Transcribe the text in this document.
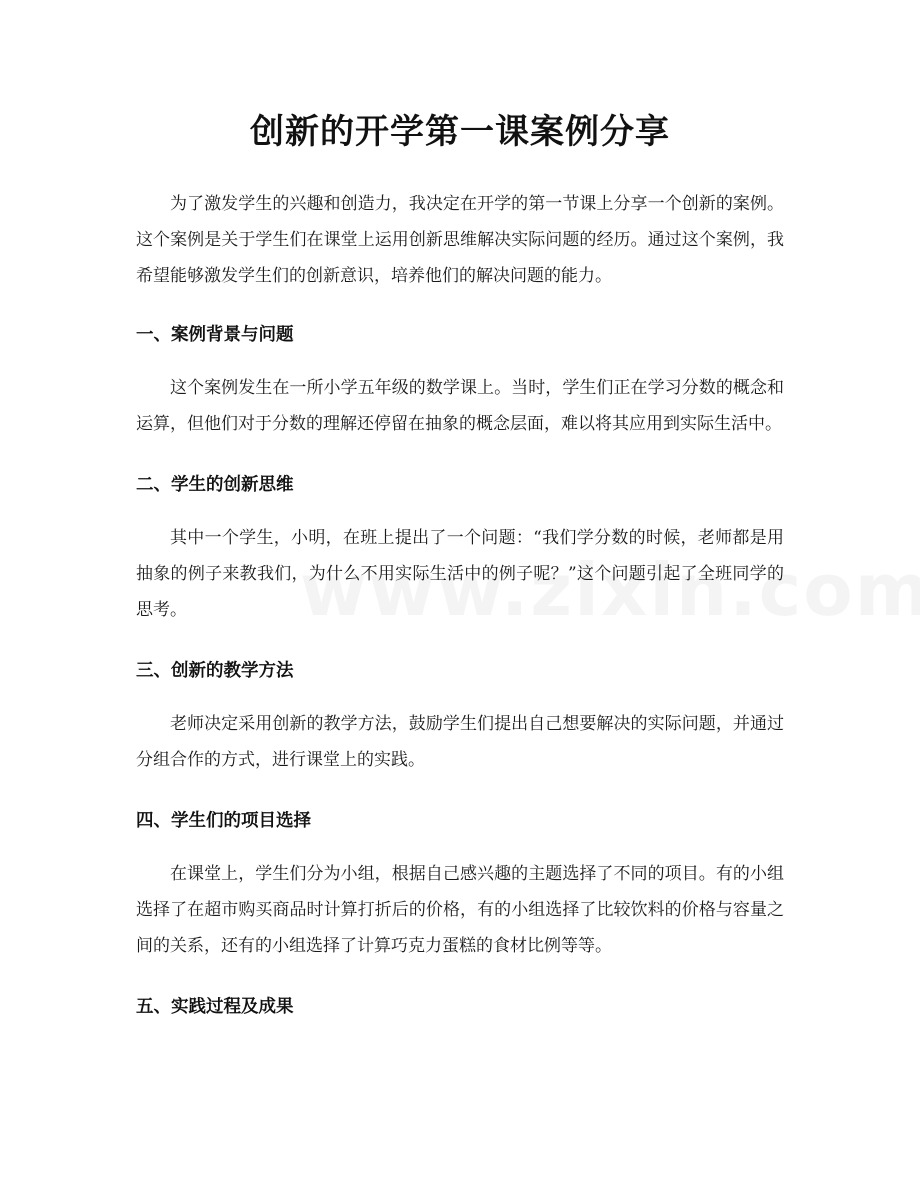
创新的开学第一课案例分享

为了激发学生的兴趣和创造力，我决定在开学的第一节课上分享一个创新的案例。这个案例是关于学生们在课堂上运用创新思维解决实际问题的经历。通过这个案例，我希望能够激发学生们的创新意识，培养他们的解决问题的能力。

一、案例背景与问题

这个案例发生在一所小学五年级的数学课上。当时，学生们正在学习分数的概念和运算，但他们对于分数的理解还停留在抽象的概念层面，难以将其应用到实际生活中。

二、学生的创新思维

其中一个学生，小明，在班上提出了一个问题：“我们学分数的时候，老师都是用抽象的例子来教我们，为什么不用实际生活中的例子呢？”这个问题引起了全班同学的思考。

三、创新的教学方法

老师决定采用创新的教学方法，鼓励学生们提出自己想要解决的实际问题，并通过分组合作的方式，进行课堂上的实践。

四、学生们的项目选择

在课堂上，学生们分为小组，根据自己感兴趣的主题选择了不同的项目。有的小组选择了在超市购买商品时计算打折后的价格，有的小组选择了比较饮料的价格与容量之间的关系，还有的小组选择了计算巧克力蛋糕的食材比例等等。

五、实践过程及成果
